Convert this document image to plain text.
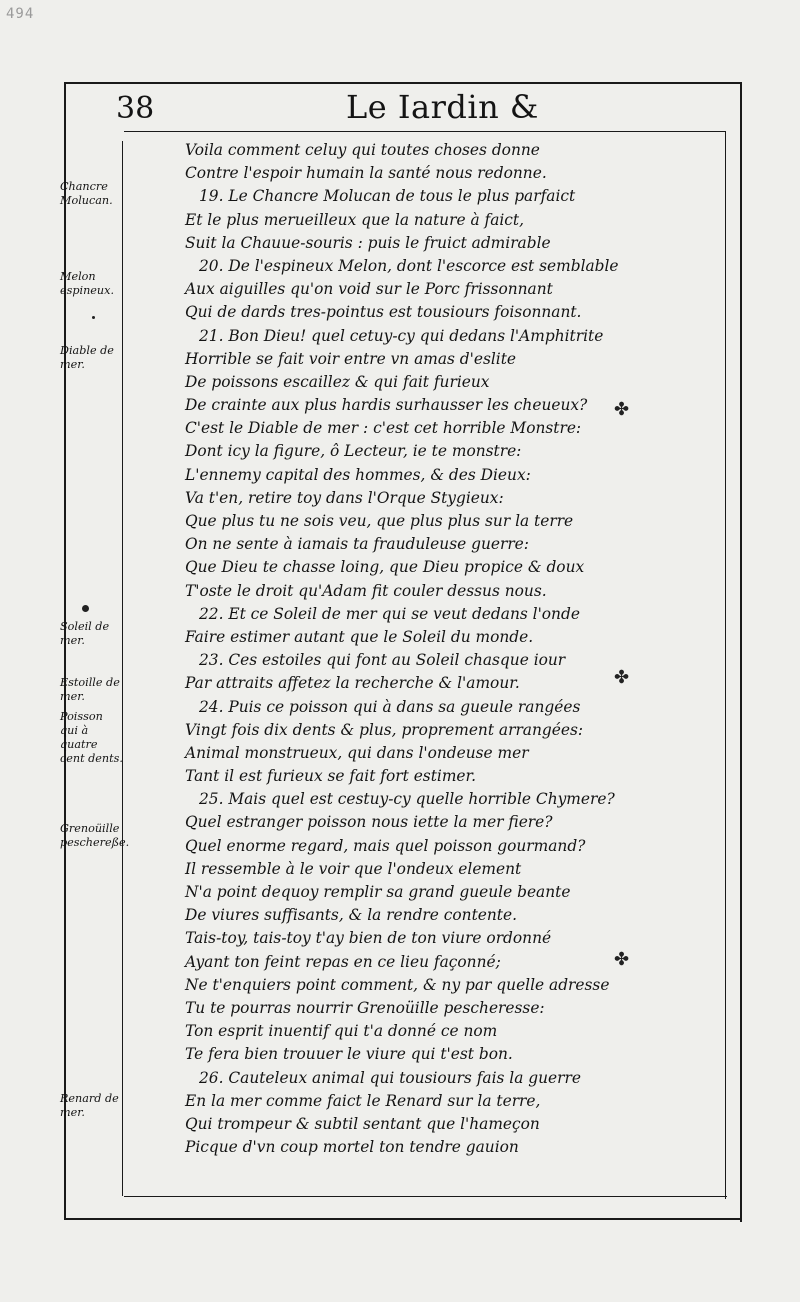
494
38	Le Iardin &
Chancre Molucan.
Melon espineux.
Diable de mer.
Soleil de mer.
Estoille de mer.
Poisson qui à quatre cent dents.
Grenoüille peschereße.
Renard de mer.
Voila comment celuy qui toutes choses donne
Contre l'espoir humain la santé nous redonne.
19. Le Chancre Molucan de tous le plus parfaict
Et le plus merueilleux que la nature à faict,
Suit la Chauue-souris : puis le fruict admirable
20. De l'espineux Melon, dont l'escorce est semblable
Aux aiguilles qu'on void sur le Porc frissonnant
Qui de dards tres-pointus est tousiours foisonnant.
21. Bon Dieu! quel cetuy-cy qui dedans l'Amphitrite
Horrible se fait voir entre vn amas d'eslite
De poissons escaillez & qui fait furieux
De crainte aux plus hardis surhausser les cheueux?
C'est le Diable de mer : c'est cet horrible Monstre:
Dont icy la figure, ô Lecteur, ie te monstre:
L'ennemy capital des hommes, & des Dieux:
Va t'en, retire toy dans l'Orque Stygieux:
Que plus tu ne sois veu, que plus plus sur la terre
On ne sente à iamais ta frauduleuse guerre:
Que Dieu te chasse loing, que Dieu propice & doux
T'oste le droit qu'Adam fit couler dessus nous.
22. Et ce Soleil de mer qui se veut dedans l'onde
Faire estimer autant que le Soleil du monde.
23. Ces estoiles qui font au Soleil chasque iour
Par attraits affetez la recherche & l'amour.
24. Puis ce poisson qui à dans sa gueule rangées
Vingt fois dix dents & plus, proprement arrangées:
Animal monstrueux, qui dans l'ondeuse mer
Tant il est furieux se fait fort estimer.
25. Mais quel est cestuy-cy quelle horrible Chymere?
Quel estranger poisson nous iette la mer fiere?
Quel enorme regard, mais quel poisson gourmand?
Il ressemble à le voir que l'ondeux element
N'a point dequoy remplir sa grand gueule beante
De viures suffisants, & la rendre contente.
Tais-toy, tais-toy t'ay bien de ton viure ordonné
Ayant ton feint repas en ce lieu façonné;
Ne t'enquiers point comment, & ny par quelle adresse
Tu te pourras nourrir Grenoüille pescheresse:
Ton esprit inuentif qui t'a donné ce nom
Te fera bien trouuer le viure qui t'est bon.
26. Cauteleux animal qui tousiours fais la guerre
En la mer comme faict le Renard sur la terre,
Qui trompeur & subtil sentant que l'hameçon
Picque d'vn coup mortel ton tendre gauion
✤
✤
✤
